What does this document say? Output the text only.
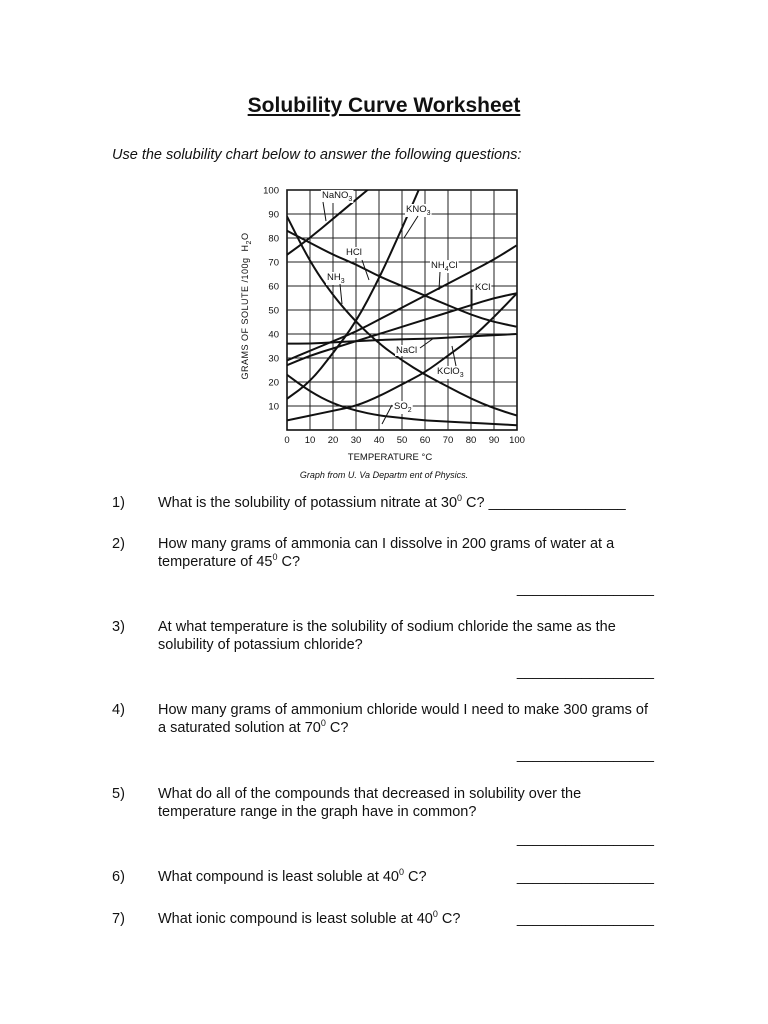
Solubility Curve Worksheet
Use the solubility chart below to answer the following questions:
0 10 20 30 40 50 60 70 80 90 100
10
20
30
40
50
60
70
80
90
100	NaNO$_3$
$KNO_3$
HCl
$NH_4Cl$
$NH_3$
KCl
NaCl
KClO$_3$
$SO_2$
GRAMS OF SOLUTE /100g $H_2O$
TEMPERATURE °C
Graph from U. Va Departm ent of Physics.
1) What is the solubility of potassium nitrate at $30^0$ C? _________________
2) How many grams of ammonia can I dissolve in 200 grams of water at a temperature of $45^0$ C?
_________________
3) At what temperature is the solubility of sodium chloride the same as the solubility of potassium chloride?
_________________
4) How many grams of ammonium chloride would I need to make 300 grams of a saturated solution at $70^0$ C?
_________________
5) What do all of the compounds that decreased in solubility over the temperature range in the graph have in common?
_________________
6) What compound is least soluble at $40^0$ C?	_________________
7) What ionic compound is least soluble at $40^0$ C?	_________________
